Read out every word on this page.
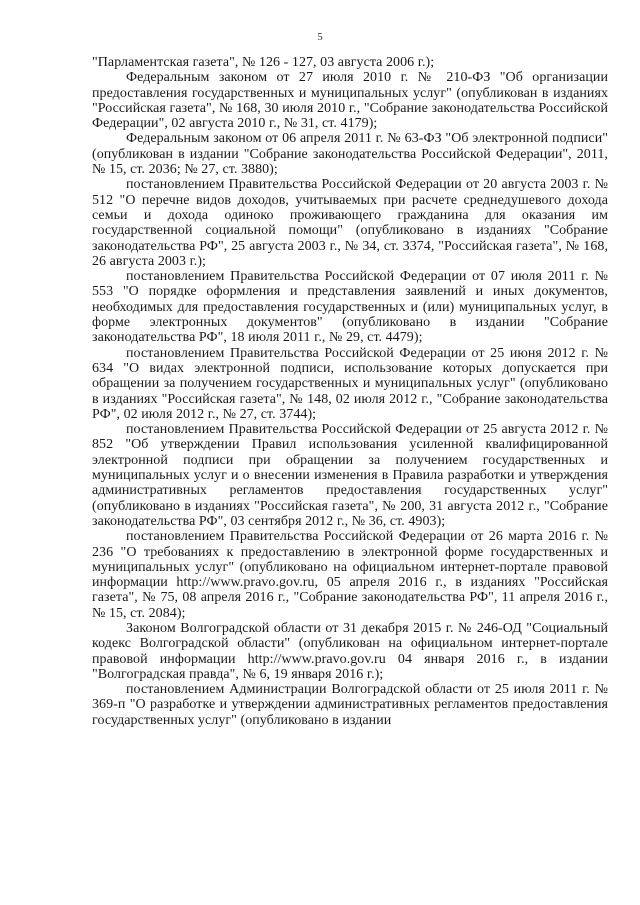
5

"Парламентская газета", № 126 - 127, 03 августа 2006 г.);

Федеральным законом от 27 июля 2010 г. № 210-ФЗ "Об организации предоставления государственных и муниципальных услуг" (опубликован в изданиях "Российская газета", № 168, 30 июля 2010 г., "Собрание законодательства Российской Федерации", 02 августа 2010 г., № 31, ст. 4179);

Федеральным законом от 06 апреля 2011 г. № 63-ФЗ "Об электронной подписи" (опубликован в издании "Собрание законодательства Российской Федерации", 2011, № 15, ст. 2036; № 27, ст. 3880);

постановлением Правительства Российской Федерации от 20 августа 2003 г. № 512 "О перечне видов доходов, учитываемых при расчете среднедушевого дохода семьи и дохода одиноко проживающего гражданина для оказания им государственной социальной помощи" (опубликовано в изданиях "Собрание законодательства РФ", 25 августа 2003 г., № 34, ст. 3374, "Российская газета", № 168, 26 августа 2003 г.);

постановлением Правительства Российской Федерации от 07 июля 2011 г. № 553 "О порядке оформления и представления заявлений и иных документов, необходимых для предоставления государственных и (или) муниципальных услуг, в форме электронных документов" (опубликовано в издании "Собрание законодательства РФ", 18 июля 2011 г., № 29, ст. 4479);

постановлением Правительства Российской Федерации от 25 июня 2012 г. № 634 "О видах электронной подписи, использование которых допускается при обращении за получением государственных и муниципальных услуг" (опубликовано в изданиях "Российская газета", № 148, 02 июля 2012 г., "Собрание законодательства РФ", 02 июля 2012 г., № 27, ст. 3744);

постановлением Правительства Российской Федерации от 25 августа 2012 г. № 852 "Об утверждении Правил использования усиленной квалифицированной электронной подписи при обращении за получением государственных и муниципальных услуг и о внесении изменения в Правила разработки и утверждения административных регламентов предоставления государственных услуг" (опубликовано в изданиях "Российская газета", № 200, 31 августа 2012 г., "Собрание законодательства РФ", 03 сентября 2012 г., № 36, ст. 4903);

постановлением Правительства Российской Федерации от 26 марта 2016 г. № 236 "О требованиях к предоставлению в электронной форме государственных и муниципальных услуг" (опубликовано на официальном интернет-портале правовой информации http://www.pravo.gov.ru, 05 апреля 2016 г., в изданиях "Российская газета", № 75, 08 апреля 2016 г., "Собрание законодательства РФ", 11 апреля 2016 г., № 15, ст. 2084);

Законом Волгоградской области от 31 декабря 2015 г. № 246-ОД "Социальный кодекс Волгоградской области" (опубликован на официальном интернет-портале правовой информации http://www.pravo.gov.ru 04 января 2016 г., в издании "Волгоградская правда", № 6, 19 января 2016 г.);

постановлением Администрации Волгоградской области от 25 июля 2011 г. № 369-п "О разработке и утверждении административных регламентов предоставления государственных услуг" (опубликовано в издании
